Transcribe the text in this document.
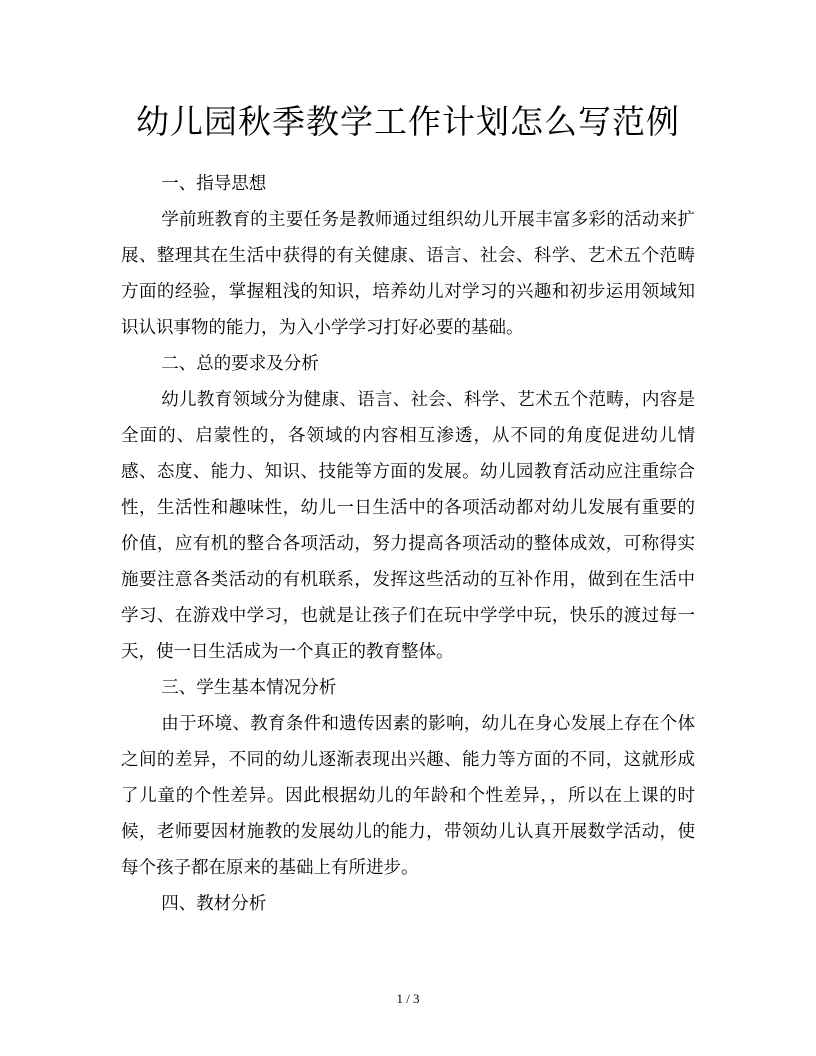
幼儿园秋季教学工作计划怎么写范例

一、指导思想

学前班教育的主要任务是教师通过组织幼儿开展丰富多彩的活动来扩展、整理其在生活中获得的有关健康、语言、社会、科学、艺术五个范畴方面的经验，掌握粗浅的知识，培养幼儿对学习的兴趣和初步运用领域知识认识事物的能力，为入小学学习打好必要的基础。

二、总的要求及分析

幼儿教育领域分为健康、语言、社会、科学、艺术五个范畴，内容是全面的、启蒙性的，各领域的内容相互渗透，从不同的角度促进幼儿情感、态度、能力、知识、技能等方面的发展。幼儿园教育活动应注重综合性，生活性和趣味性，幼儿一日生活中的各项活动都对幼儿发展有重要的价值，应有机的整合各项活动，努力提高各项活动的整体成效，可称得实施要注意各类活动的有机联系，发挥这些活动的互补作用，做到在生活中学习、在游戏中学习，也就是让孩子们在玩中学学中玩，快乐的渡过每一天，使一日生活成为一个真正的教育整体。

三、学生基本情况分析

由于环境、教育条件和遗传因素的影响，幼儿在身心发展上存在个体之间的差异，不同的幼儿逐渐表现出兴趣、能力等方面的不同，这就形成了儿童的个性差异。因此根据幼儿的年龄和个性差异，，所以在上课的时候，老师要因材施教的发展幼儿的能力，带领幼儿认真开展数学活动，使每个孩子都在原来的基础上有所进步。

四、教材分析

1 / 3
